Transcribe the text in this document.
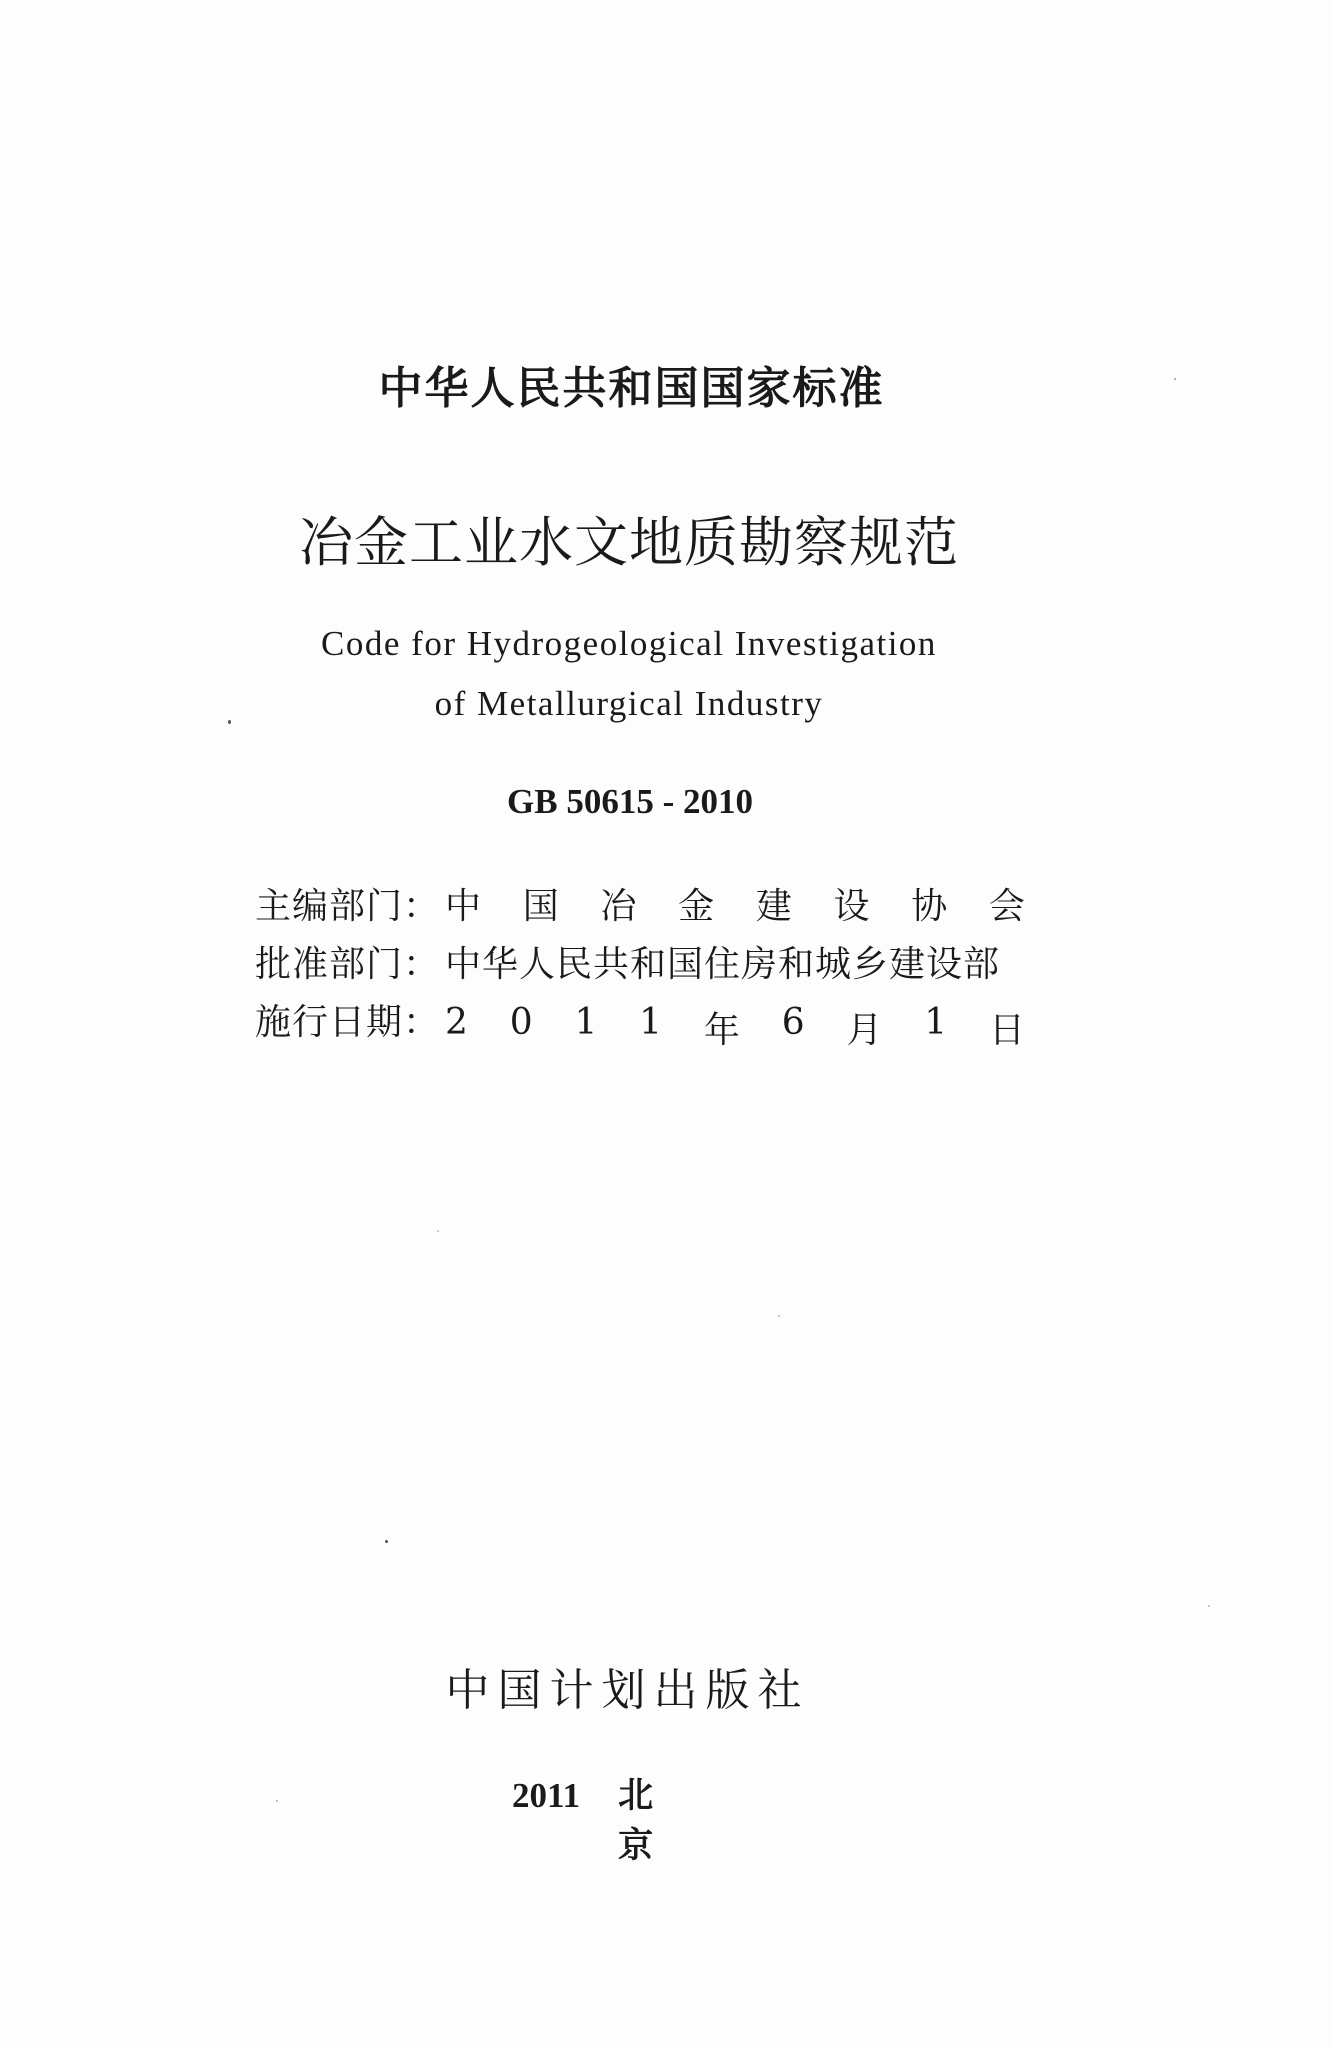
中华人民共和国国家标准
冶金工业水文地质勘察规范
Code for Hydrogeological Investigation
of Metallurgical Industry
GB 50615 - 2010
主编部门： 中 国 冶 金 建 设 协 会
批准部门： 中华人民共和国住房和城乡建设部
施行日期： 2 0 1 1 年 6 月 1 日
中国计划出版社
2011 北京
